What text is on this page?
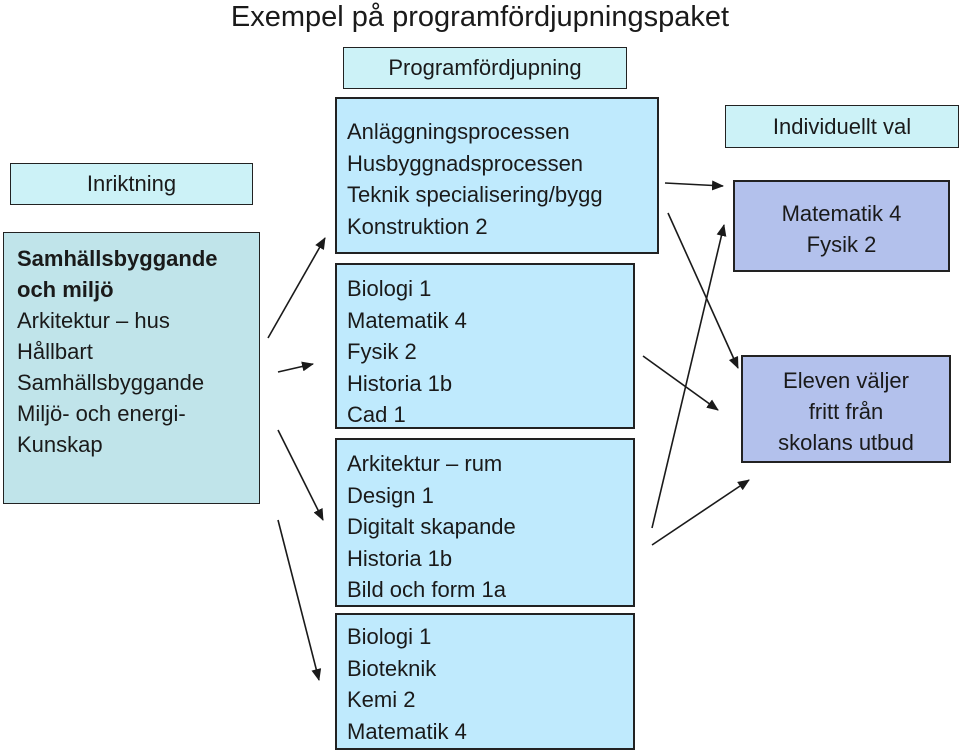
Exempel på programfördjupningspaket
Programfördjupning
Inriktning
Samhällsbyggande
och miljö
Arkitektur – hus
Hållbart
Samhällsbyggande
Miljö- och energi-
Kunskap
Anläggningsprocessen
Husbyggnadsprocessen
Teknik specialisering/bygg
Konstruktion 2
Biologi 1
Matematik 4
Fysik 2
Historia 1b
Cad 1
Arkitektur – rum
Design 1
Digitalt skapande
Historia 1b
Bild och form 1a
Biologi 1
Bioteknik
Kemi 2
Matematik 4
Individuellt val
Matematik 4
Fysik 2
Eleven väljer
fritt från
skolans utbud
